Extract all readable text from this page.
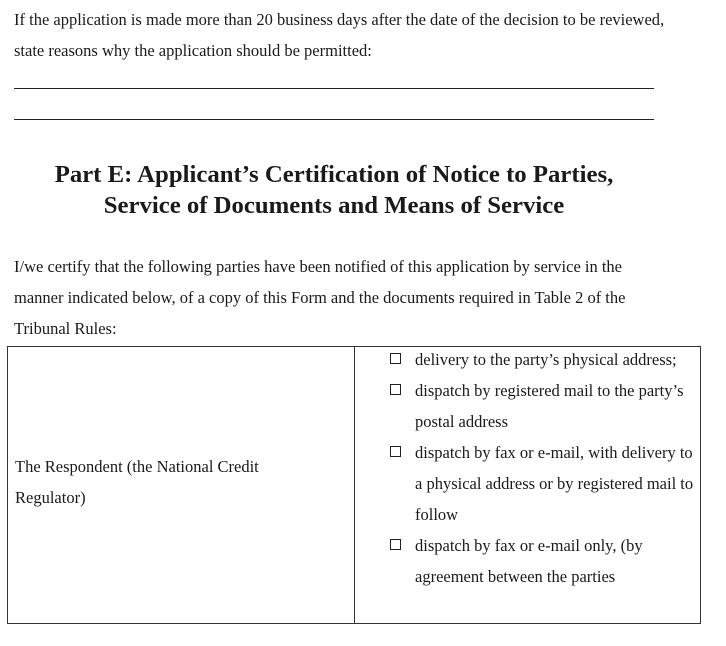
If the application is made more than 20 business days after the date of the decision to be reviewed, state reasons why the application should be permitted:

Part E: Applicant’s Certification of Notice to Parties, Service of Documents and Means of Service

I/we certify that the following parties have been notified of this application by service in the manner indicated below, of a copy of this Form and the documents required in Table 2 of the Tribunal Rules:

The Respondent (the National Credit Regulator)

delivery to the party’s physical address;
dispatch by registered mail to the party’s postal address
dispatch by fax or e-mail, with delivery to a physical address or by registered mail to follow
dispatch by fax or e-mail only, (by agreement between the parties
